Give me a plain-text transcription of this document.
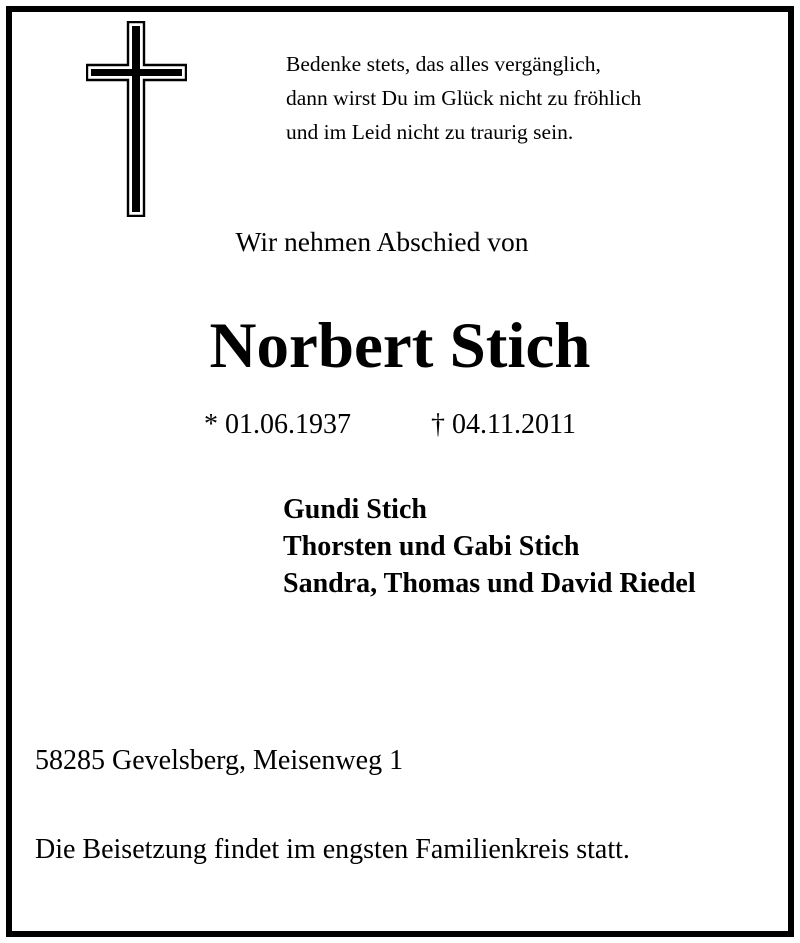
Bedenke stets, das alles vergänglich,
dann wirst Du im Glück nicht zu fröhlich
und im Leid nicht zu traurig sein.
Wir nehmen Abschied von
Norbert Stich
* 01.06.1937	† 04.11.2011
Gundi Stich
Thorsten und Gabi Stich
Sandra, Thomas und David Riedel
58285 Gevelsberg, Meisenweg 1
Die Beisetzung findet im engsten Familienkreis statt.
